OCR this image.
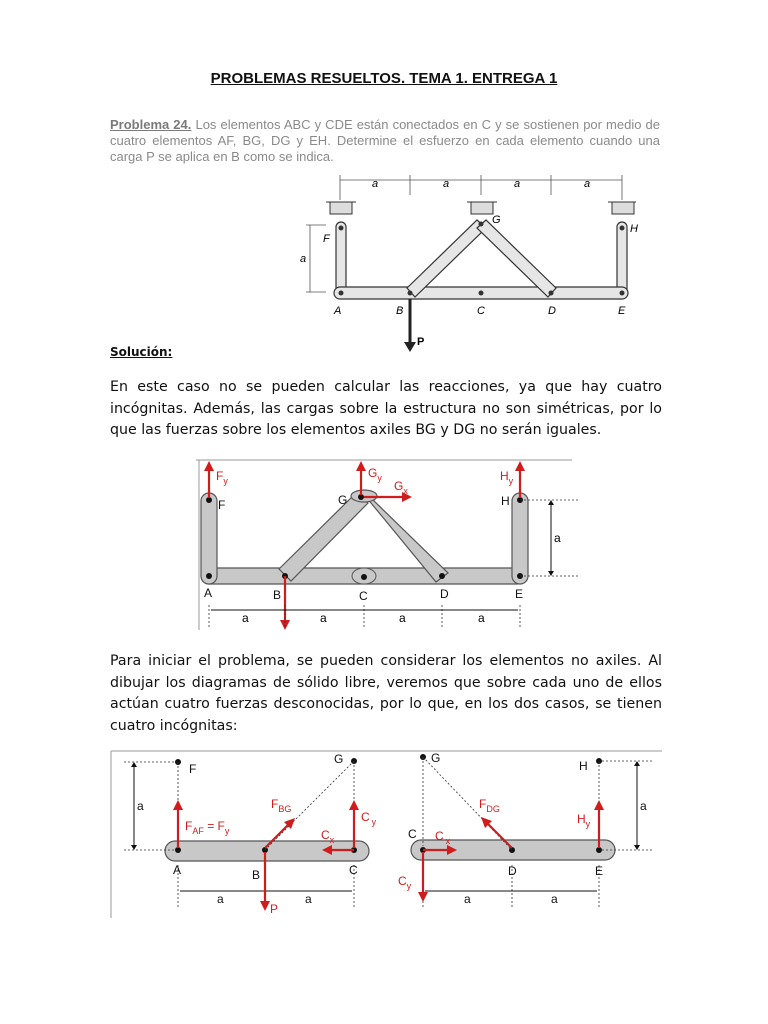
PROBLEMAS RESUELTOS. TEMA 1. ENTREGA 1
Problema 24. Los elementos ABC y CDE están conectados en C y se sostienen por medio de cuatro elementos AF, BG, DG y EH. Determine el esfuerzo en cada elemento cuando una carga P se aplica en B como se indica.
a	a	a	a
a
F
G
H
A	B	C	D	E
P
Solución:
En este caso no se pueden calcular las reacciones, ya que hay cuatro incógnitas. Además, las cargas sobre la estructura no son simétricas, por lo que las fuerzas sobre los elementos axiles BG y DG no serán iguales.
$F_y$
$G_y$
$G_x$
$H_y$
F	G	H
A	B	C	D	E
a
a	a	a	a
Para iniciar el problema, se pueden considerar los elementos no axiles. Al dibujar los diagramas de sólido libre, veremos que sobre cada uno de ellos actúan cuatro fuerzas desconocidas, por lo que, en los dos casos, se tienen cuatro incógnitas:
$F_{AF} = F_y$
$F_{BG}$
C $_y$
$C_x$
P
F
G
A	B	C
a	a
a	$F_{DG}$
$H_y$
C $_x$
$C_y$
G
H
C
D	E
a	a
a
